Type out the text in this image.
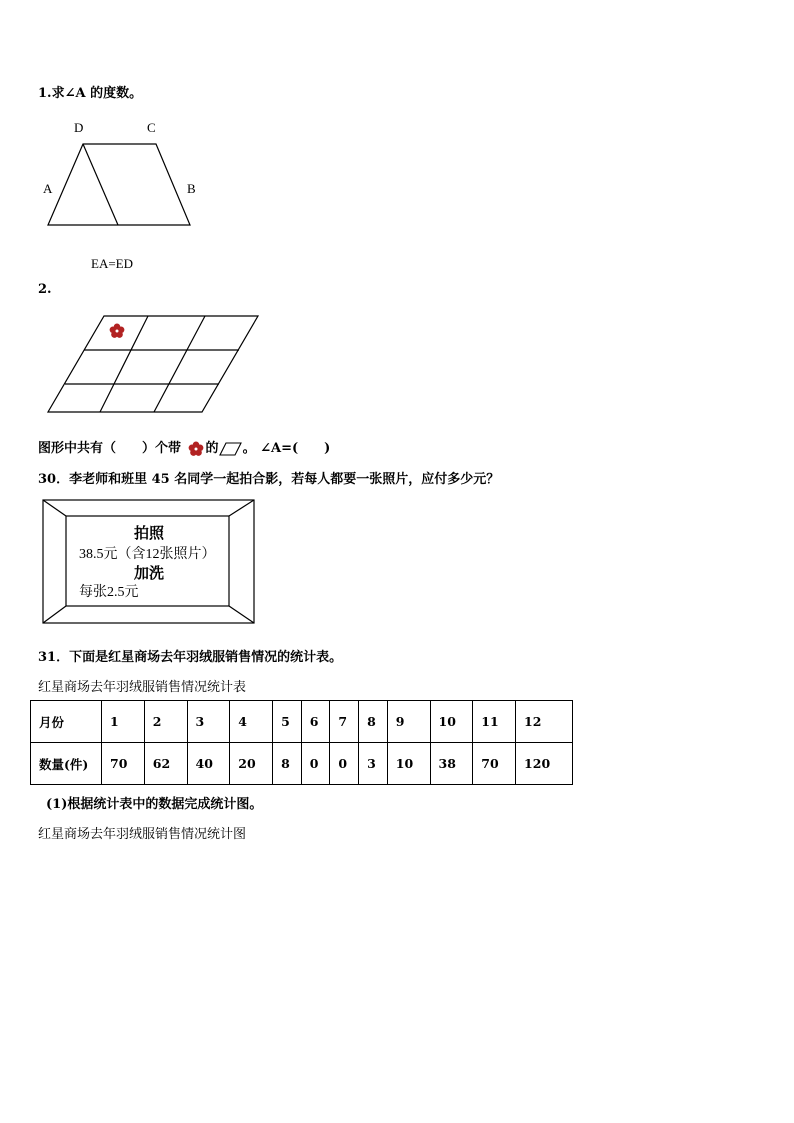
1.求∠A 的度数。
D	C
A	B
EA=ED
2.
图形中共有（　　）个带 的 。 ∠A=(　　)
30．李老师和班里 45 名同学一起拍合影，若每人都要一张照片，应付多少元？
拍照
38.5元（含12张照片）
加洗
每张2.5元
31．下面是红星商场去年羽绒服销售情况的统计表。
红星商场去年羽绒服销售情况统计表
月份	1	2	3	4	5	6	7	8	9	10	11	12
数量(件)	70	62	40	20	8	0	0	3	10	38	70	120
(1)根据统计表中的数据完成统计图。
红星商场去年羽绒服销售情况统计图
